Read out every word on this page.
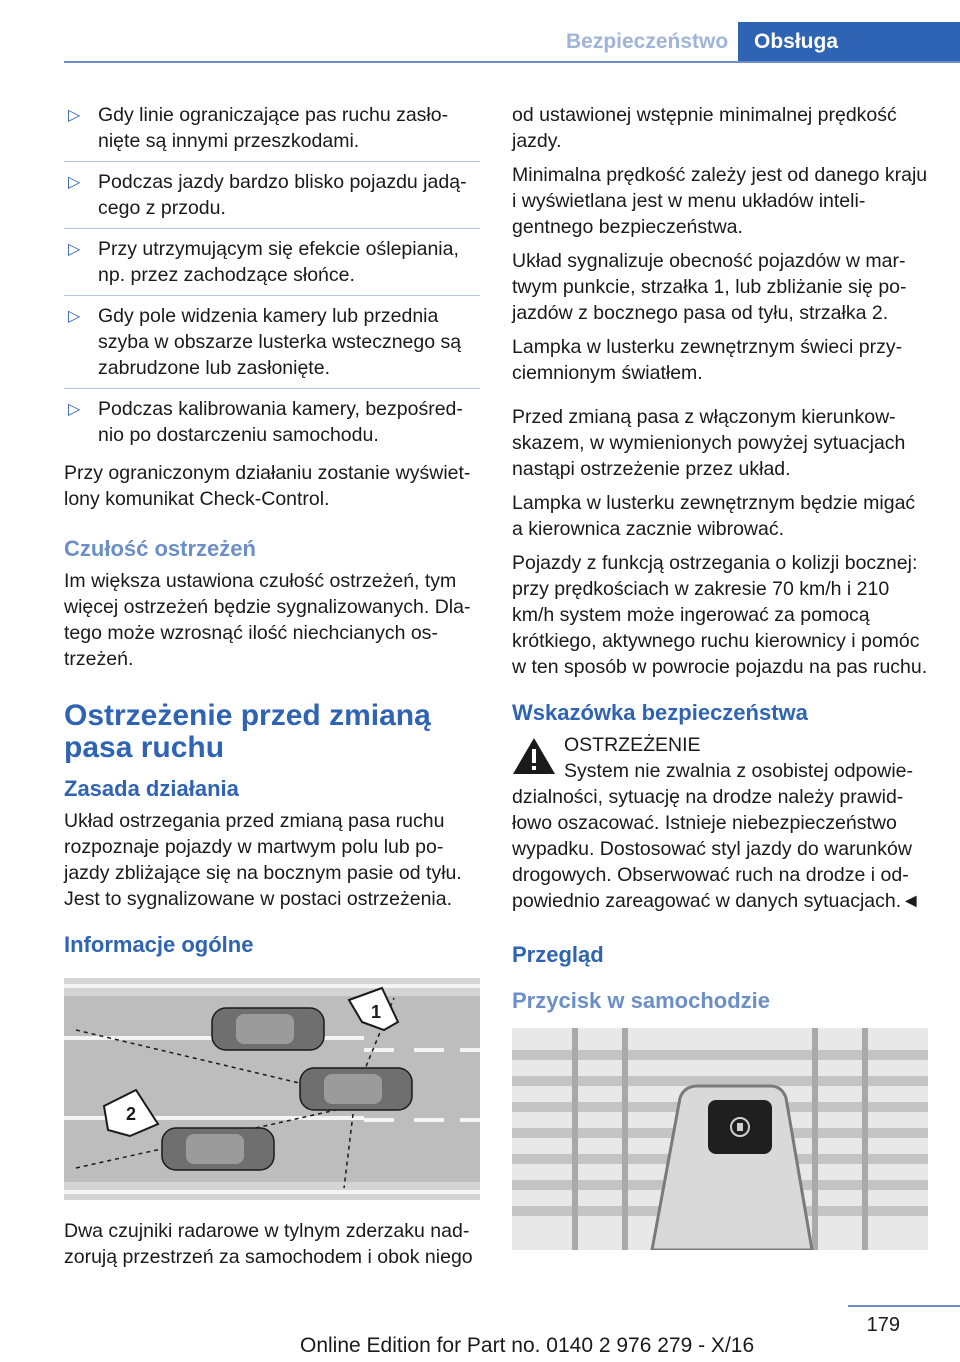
Bezpieczeństwo	Obsługa
▷ Gdy linie ograniczające pas ruchu zasłonięte są innymi przeszkodami.
▷ Podczas jazdy bardzo blisko pojazdu jadącego z przodu.
▷ Przy utrzymującym się efekcie oślepiania, np. przez zachodzące słońce.
▷ Gdy pole widzenia kamery lub przednia szyba w obszarze lusterka wstecznego są zabrudzone lub zasłonięte.
▷ Podczas kalibrowania kamery, bezpośrednio po dostarczeniu samochodu.

Przy ograniczonym działaniu zostanie wyświetlony komunikat Check-Control.

Czułość ostrzeżeń

Im większa ustawiona czułość ostrzeżeń, tym więcej ostrzeżeń będzie sygnalizowanych. Dlatego może wzrosnąć ilość niechcianych ostrzeżeń.

Ostrzeżenie przed zmianą pasa ruchu
Zasada działania

Układ ostrzegania przed zmianą pasa ruchu rozpoznaje pojazdy w martwym polu lub pojazdy zbliżające się na bocznym pasie od tyłu. Jest to sygnalizowane w postaci ostrzeżenia.

Informacje ogólne
1
2

Dwa czujniki radarowe w tylnym zderzaku nadzorują przestrzeń za samochodem i obok niego

od ustawionej wstępnie minimalnej prędkość jazdy.

Minimalna prędkość zależy jest od danego kraju i wyświetlana jest w menu układów inteligentnego bezpieczeństwa.

Układ sygnalizuje obecność pojazdów w martwym punkcie, strzałka 1, lub zbliżanie się pojazdów z bocznego pasa od tyłu, strzałka 2.

Lampka w lusterku zewnętrznym świeci przyciemnionym światłem.

Przed zmianą pasa z włączonym kierunkowskazem, w wymienionych powyżej sytuacjach nastąpi ostrzeżenie przez układ.

Lampka w lusterku zewnętrznym będzie migać a kierownica zacznie wibrować.

Pojazdy z funkcją ostrzegania o kolizji bocznej: przy prędkościach w zakresie 70 km/h i 210 km/h system może ingerować za pomocą krótkiego, aktywnego ruchu kierownicy i pomóc w ten sposób w powrocie pojazdu na pas ruchu.

Wskazówka bezpieczeństwa
OSTRZEŻENIE
System nie zwalnia z osobistej odpowiedzialności, sytuację na drodze należy prawidłowo oszacować. Istnieje niebezpieczeństwo wypadku. Dostosować styl jazdy do warunków drogowych. Obserwować ruch na drodze i odpowiednio zareagować w danych sytuacjach.◄
Przegląd
Przycisk w samochodzie
179
Online Edition for Part no. 0140 2 976 279 - X/16
